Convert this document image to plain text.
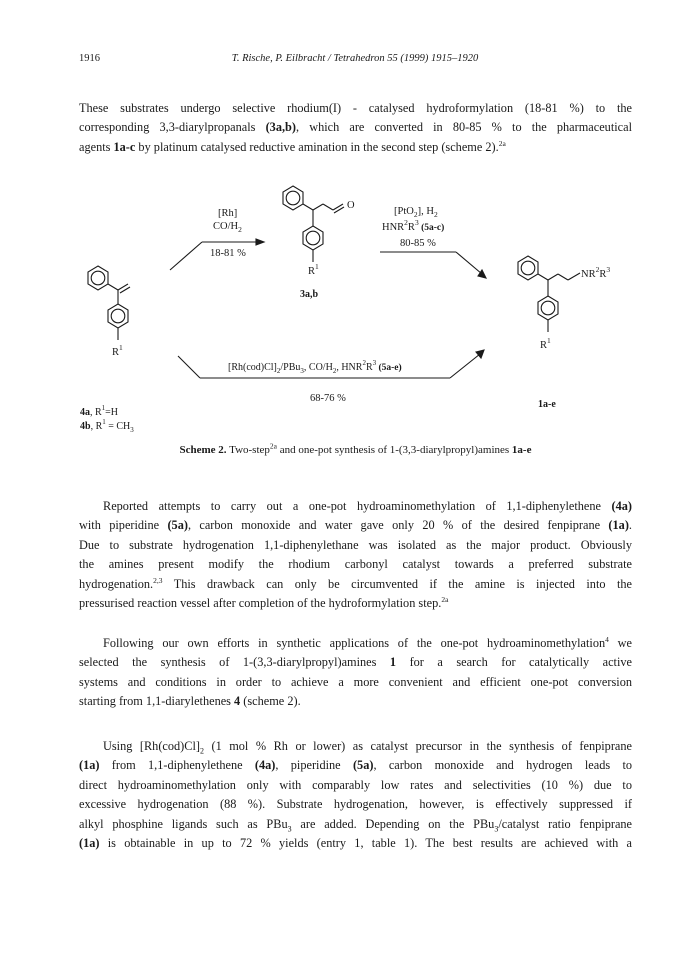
1916	T. Rische, P. Eilbracht / Tetrahedron 55 (1999) 1915–1920

These substrates undergo selective rhodium(I) - catalysed hydroformylation (18-81 %) to the
corresponding 3,3-diarylpropanals (3a,b), which are converted in 80-85 % to the pharmaceutical
agents 1a-c by platinum catalysed reductive amination in the second step (scheme 2).$^{2a}$

[Rh]
$CO/H_2$
18-81 %
O
$R^1$
3a,b
[PtO$_2$], $H_2$
$HNR^2R^3$ (5a-c)
80-85 %
$NR^2R^3$
$R^1$
1a-e
$R^1$
$[Rh(cod)Cl]_2/PBu_3$, $CO/H_2$, $HNR^2R^3$ (5a-e)
68-76 %
4a, $R^1=H$
4b, $R^1 = CH_3$
Scheme 2. Two-step$^{2a}$ and one-pot synthesis of 1-(3,3-diarylpropyl)amines 1a-e

Reported attempts to carry out a one-pot hydroaminomethylation of 1,1-diphenylethene (4a)
with piperidine (5a), carbon monoxide and water gave only 20 % of the desired fenpiprane (1a).
Due to substrate hydrogenation 1,1-diphenylethane was isolated as the major product. Obviously
the amines present modify the rhodium carbonyl catalyst towards a preferred substrate
hydrogenation.$^{2,3}$ This drawback can only be circumvented if the amine is injected into the
pressurised reaction vessel after completion of the hydroformylation step.$^{2a}$

Following our own efforts in synthetic applications of the one-pot hydroaminomethylation$^4$ we
selected the synthesis of 1-(3,3-diarylpropyl)amines 1 for a search for catalytically active
systems and conditions in order to achieve a more convenient and efficient one-pot conversion
starting from 1,1-diarylethenes 4 (scheme 2).

Using $[Rh(cod)Cl]_2$ (1 mol % Rh or lower) as catalyst precursor in the synthesis of fenpiprane
(1a) from 1,1-diphenylethene (4a), piperidine (5a), carbon monoxide and hydrogen leads to
direct hydroaminomethylation only with comparably low rates and selectivities (10 %) due to
excessive hydrogenation (88 %). Substrate hydrogenation, however, is effectively suppressed if
alkyl phosphine ligands such as PBu$_3$ are added. Depending on the PBu$_3$/catalyst ratio fenpiprane
(1a) is obtainable in up to 72 % yields (entry 1, table 1). The best results are achieved with a
